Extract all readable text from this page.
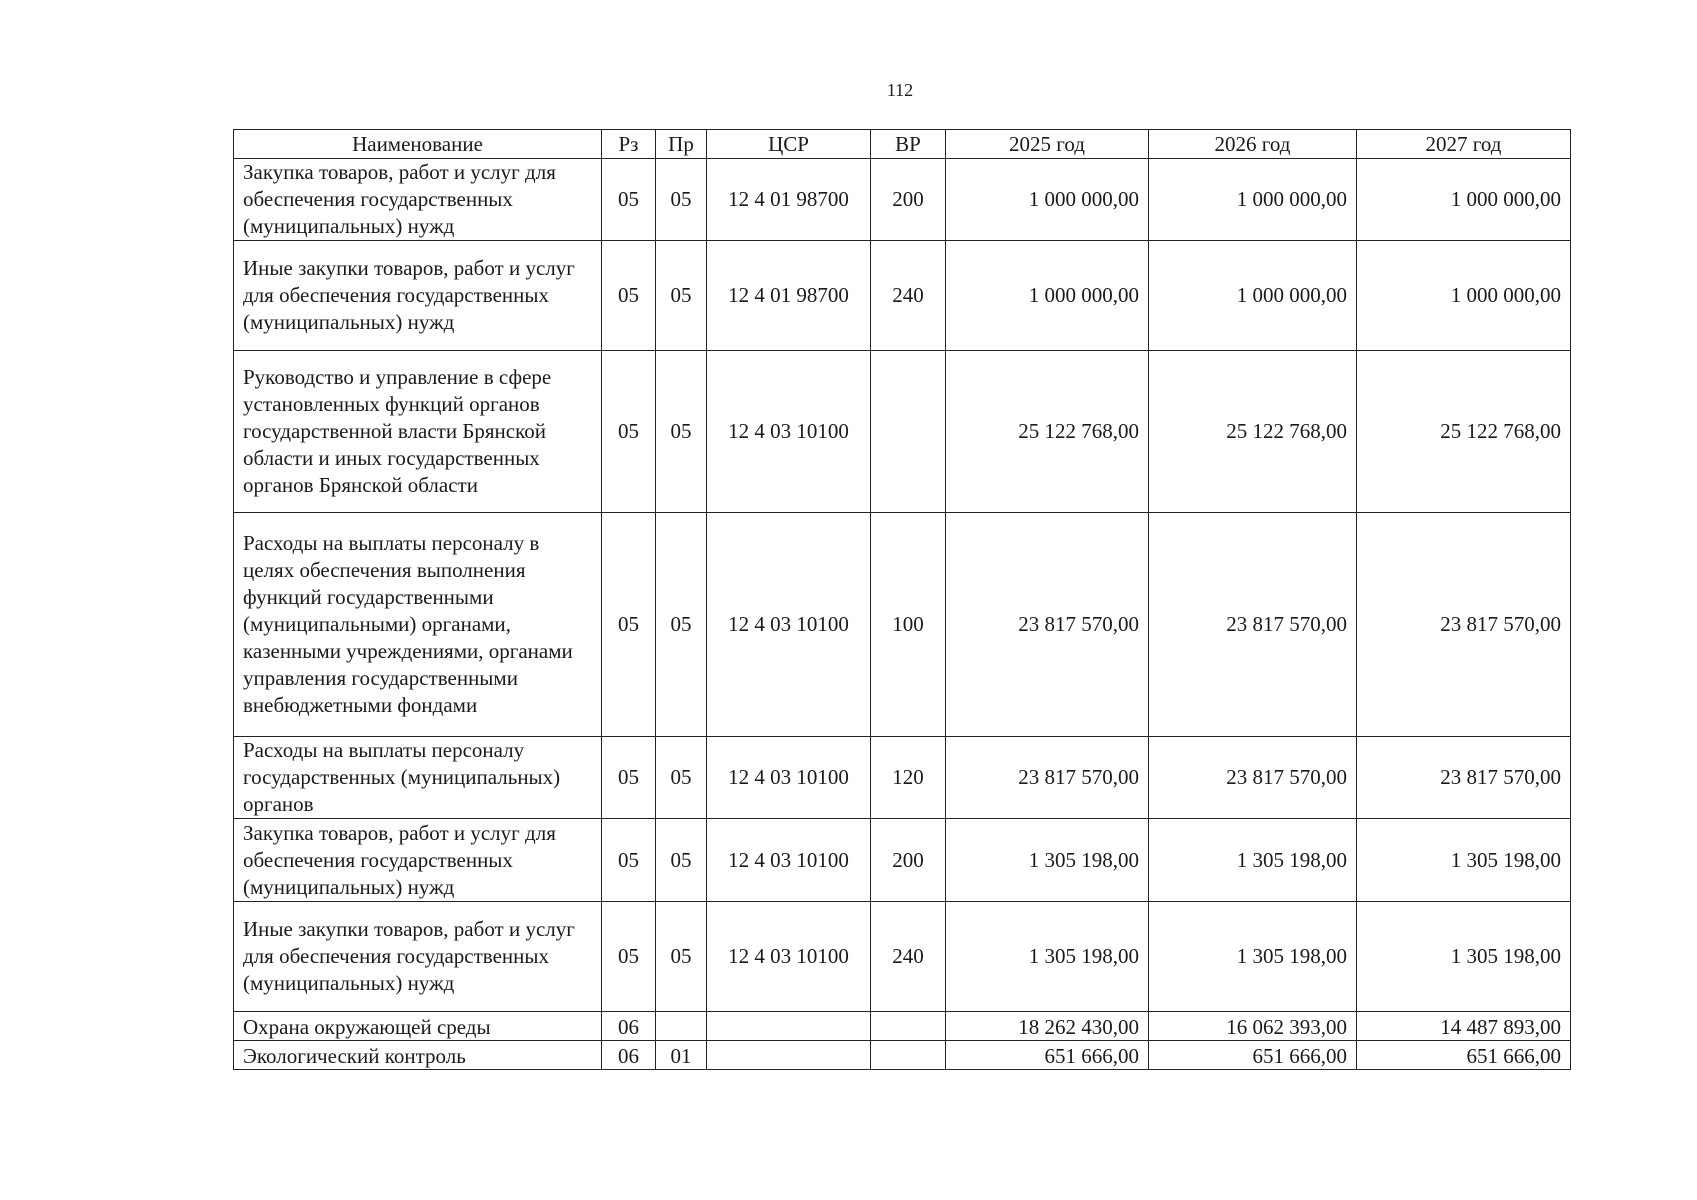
112
Наименование	Рз	Пр	ЦСР	ВР	2025 год	2026 год	2027 год
Закупка товаров, работ и услуг для обеспечения государственных (муниципальных) нужд	05	05	12 4 01 98700	200	1 000 000,00	1 000 000,00	1 000 000,00
Иные закупки товаров, работ и услуг для обеспечения государственных (муниципальных) нужд	05	05	12 4 01 98700	240	1 000 000,00	1 000 000,00	1 000 000,00
Руководство и управление в сфере установленных функций органов государственной власти Брянской области и иных государственных органов Брянской области	05	05	12 4 03 10100		25 122 768,00	25 122 768,00	25 122 768,00
Расходы на выплаты персоналу в целях обеспечения выполнения функций государственными (муниципальными) органами, казенными учреждениями, органами управления государственными внебюджетными фондами	05	05	12 4 03 10100	100	23 817 570,00	23 817 570,00	23 817 570,00
Расходы на выплаты персоналу государственных (муниципальных) органов	05	05	12 4 03 10100	120	23 817 570,00	23 817 570,00	23 817 570,00
Закупка товаров, работ и услуг для обеспечения государственных (муниципальных) нужд	05	05	12 4 03 10100	200	1 305 198,00	1 305 198,00	1 305 198,00
Иные закупки товаров, работ и услуг для обеспечения государственных (муниципальных) нужд	05	05	12 4 03 10100	240	1 305 198,00	1 305 198,00	1 305 198,00
Охрана окружающей среды	06				18 262 430,00	16 062 393,00	14 487 893,00
Экологический контроль	06	01			651 666,00	651 666,00	651 666,00
